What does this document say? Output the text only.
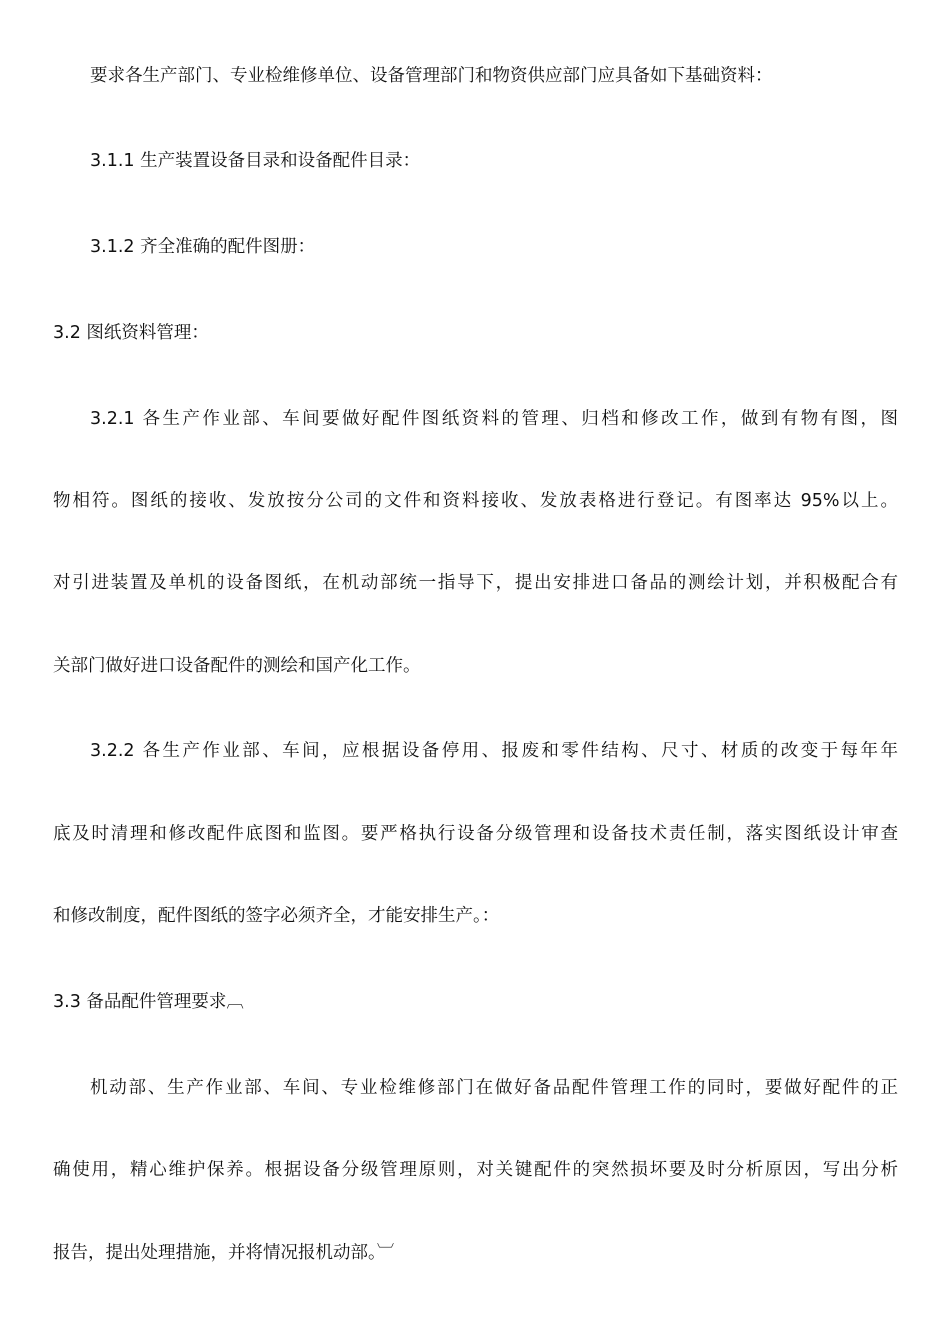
要求各生产部门、专业检维修单位、设备管理部门和物资供应部门应具备如下基础资料：
3.1.1 生产装置设备目录和设备配件目录：
3.1.2 齐全准确的配件图册：
3.2 图纸资料管理：
3.2.1 各生产作业部、车间要做好配件图纸资料的管理、归档和修改工作，做到有物有图，图
物相符。图纸的接收、发放按分公司的文件和资料接收、发放表格进行登记。有图率达 95%以上。
对引进装置及单机的设备图纸，在机动部统一指导下，提出安排进口备品的测绘计划，并积极配合有
关部门做好进口设备配件的测绘和国产化工作。
3.2.2 各生产作业部、车间，应根据设备停用、报废和零件结构、尺寸、材质的改变于每年年
底及时清理和修改配件底图和监图。要严格执行设备分级管理和设备技术责任制，落实图纸设计审查
和修改制度，配件图纸的签字必须齐全，才能安排生产。：
3.3 备品配件管理要求︹
机动部、生产作业部、车间、专业检维修部门在做好备品配件管理工作的同时，要做好配件的正
确使用，精心维护保养。根据设备分级管理原则，对关键配件的突然损坏要及时分析原因，写出分析
报告，提出处理措施，并将情况报机动部。︺
